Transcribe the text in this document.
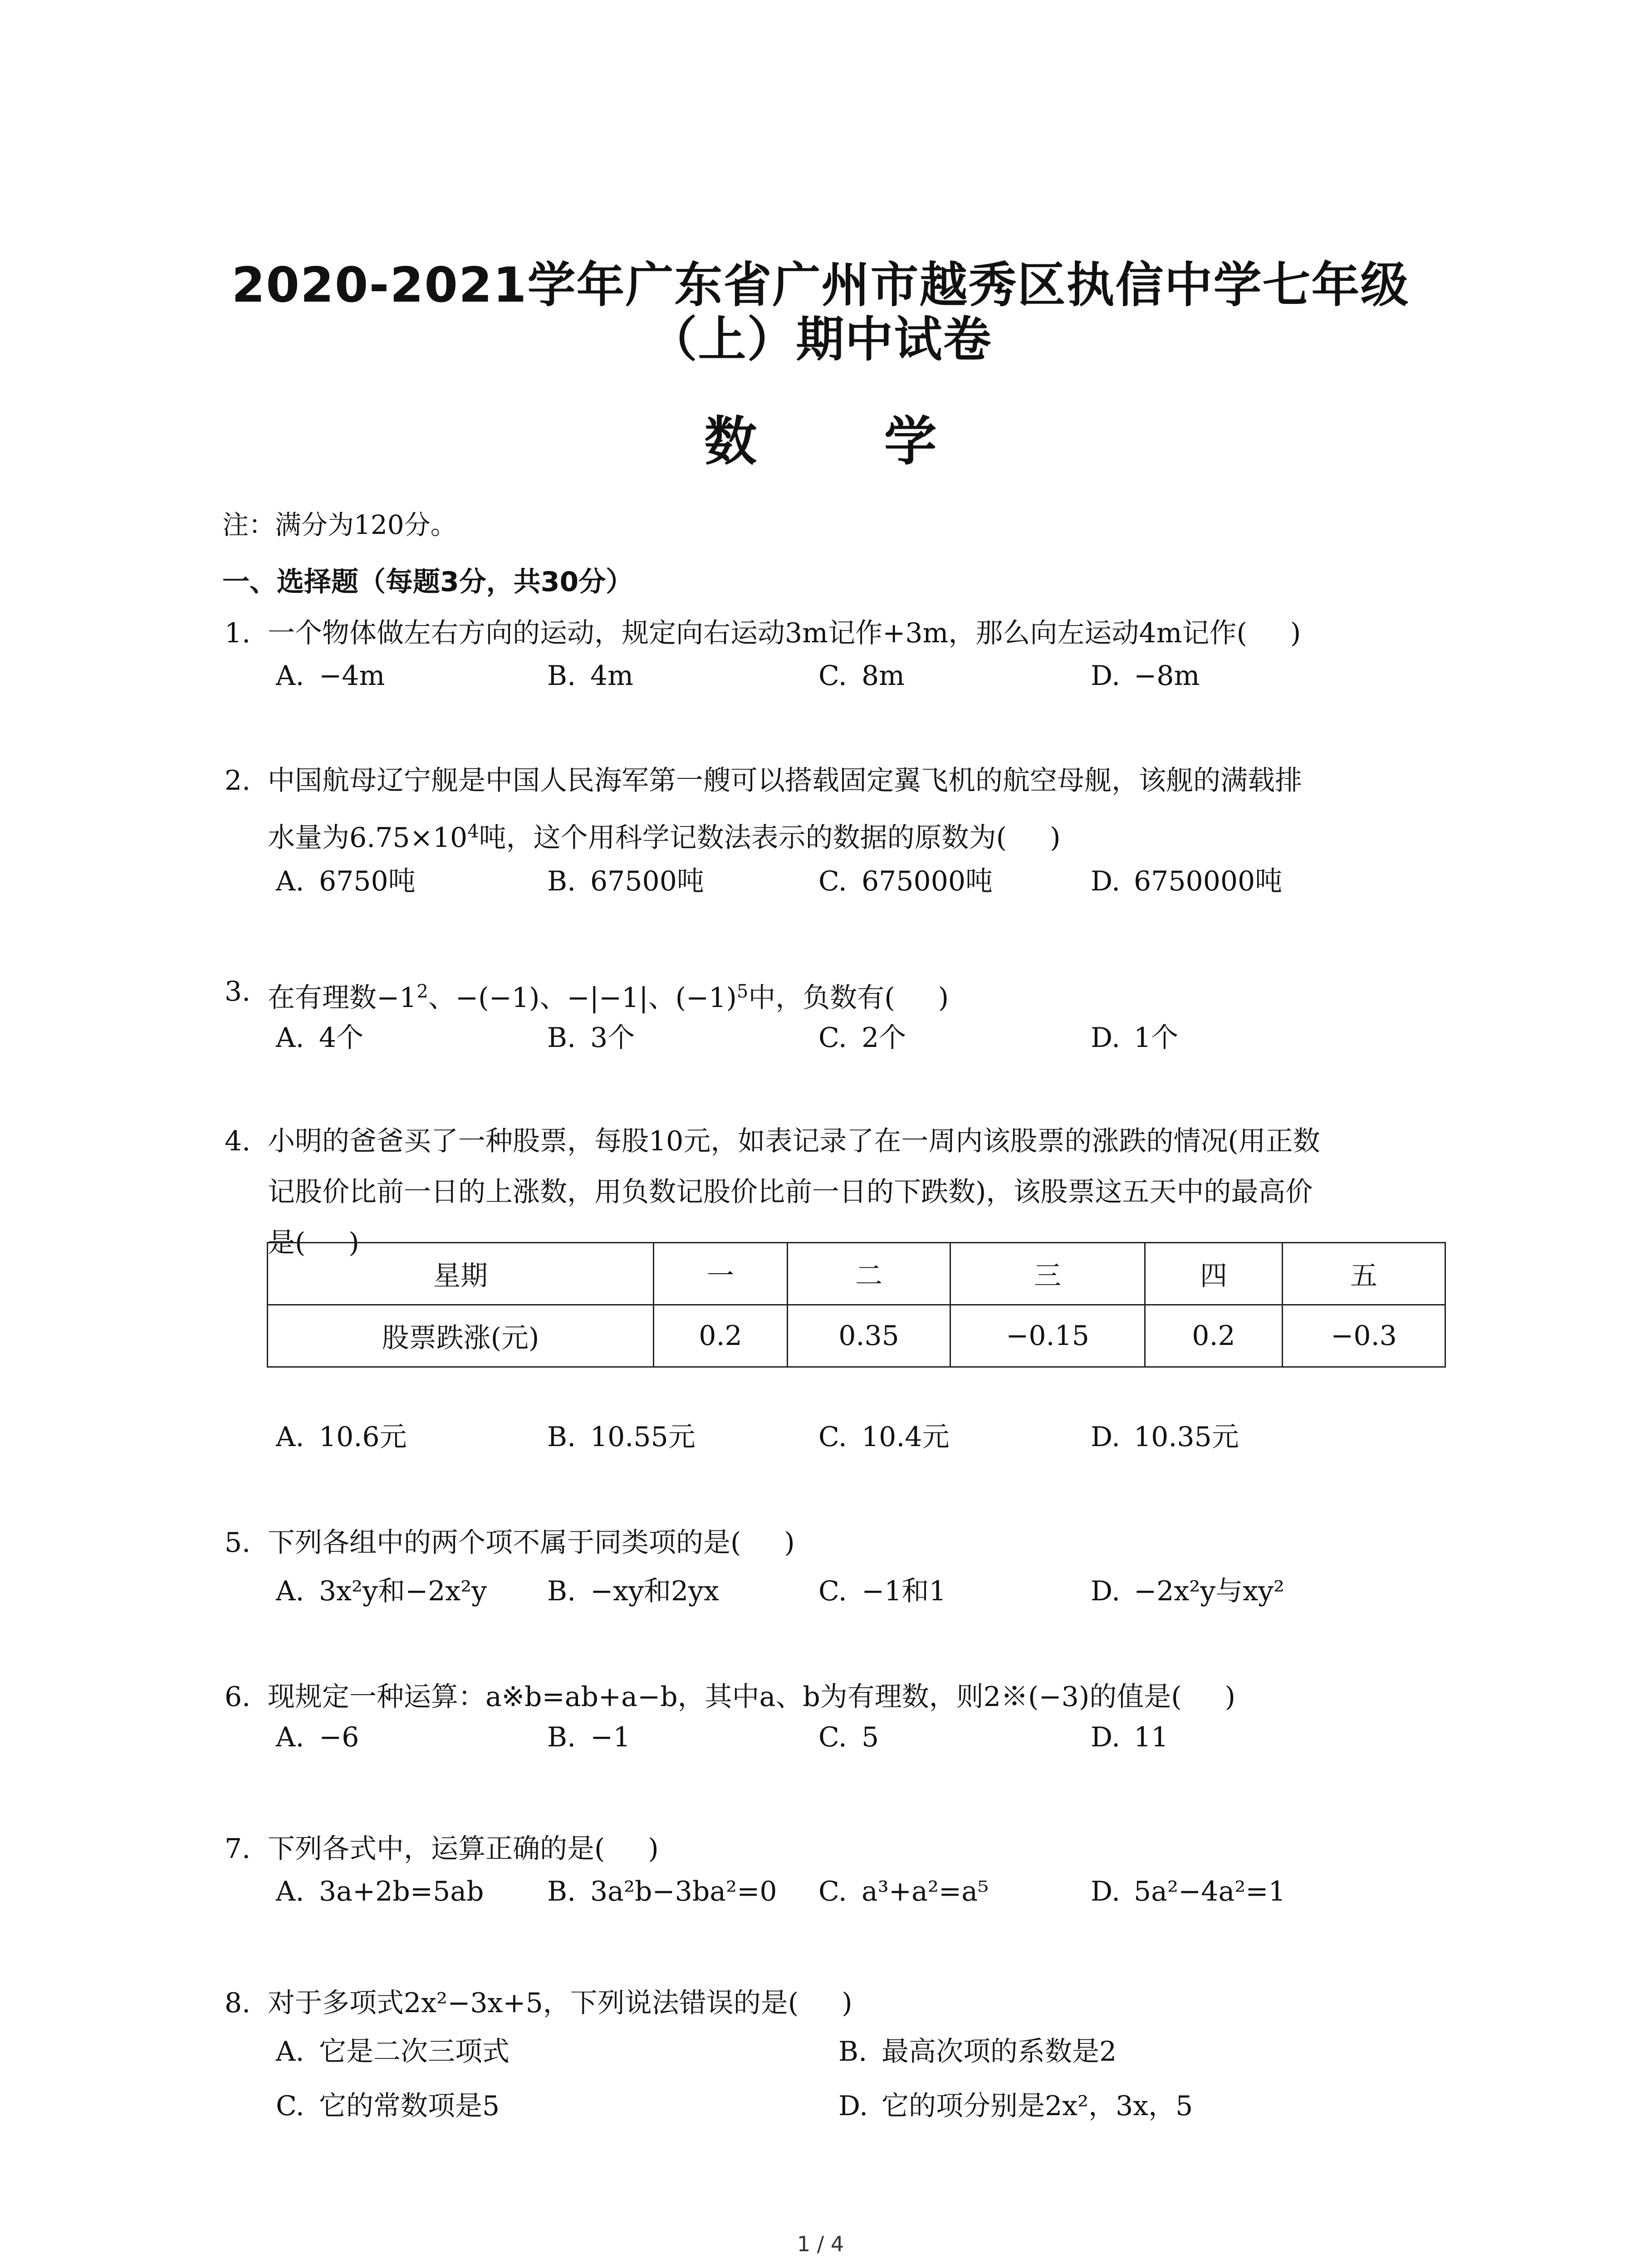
2020-2021学年广东省广州市越秀区执信中学七年级
（上）期中试卷
数 学
注：满分为120分。
一、选择题（每题3分，共30分）
1. 一个物体做左右方向的运动，规定向右运动3m记作+3m，那么向左运动4m记作( )
A. −4m	B. 4m	C. 8m	D. −8m
2. 中国航母辽宁舰是中国人民海军第一艘可以搭载固定翼飞机的航空母舰，该舰的满载排
水量为$6.75\times 10^4$吨，这个用科学记数法表示的数据的原数为( )
A. 6750吨	B. 67500吨	C. 675000吨	D. 6750000吨
3. 在有理数$-1^2$、−(−1)、−|−1|、$(-1)^5$中，负数有( )
A. 4个	B. 3个	C. 2个	D. 1个
4. 小明的爸爸买了一种股票，每股10元，如表记录了在一周内该股票的涨跌的情况(用正数
记股价比前一日的上涨数，用负数记股价比前一日的下跌数)，该股票这五天中的最高价
是( )
星期	一	二	三	四	五
股票跌涨(元)	0.2	0.35	−0.15	0.2	−0.3
A. 10.6元	B. 10.55元	C. 10.4元	D. 10.35元
5. 下列各组中的两个项不属于同类项的是( )
A. 3x²y和−2x²y B. −xy和2yx	C. −1和1	D. −2x²y与xy²
6. 现规定一种运算：a※b=ab+a−b，其中a、b为有理数，则2※(−3)的值是( )
A. −6	B. −1	C. 5	D. 11
7. 下列各式中，运算正确的是( )
A. 3a+2b=5ab B. 3a²b−3ba²=0 C. a³+a²=a⁵	D. 5a²−4a²=1
8. 对于多项式2x²−3x+5，下列说法错误的是( )
A. 它是二次三项式	B. 最高次项的系数是2
C. 它的常数项是5	D. 它的项分别是2x²，3x，5
1 / 4
